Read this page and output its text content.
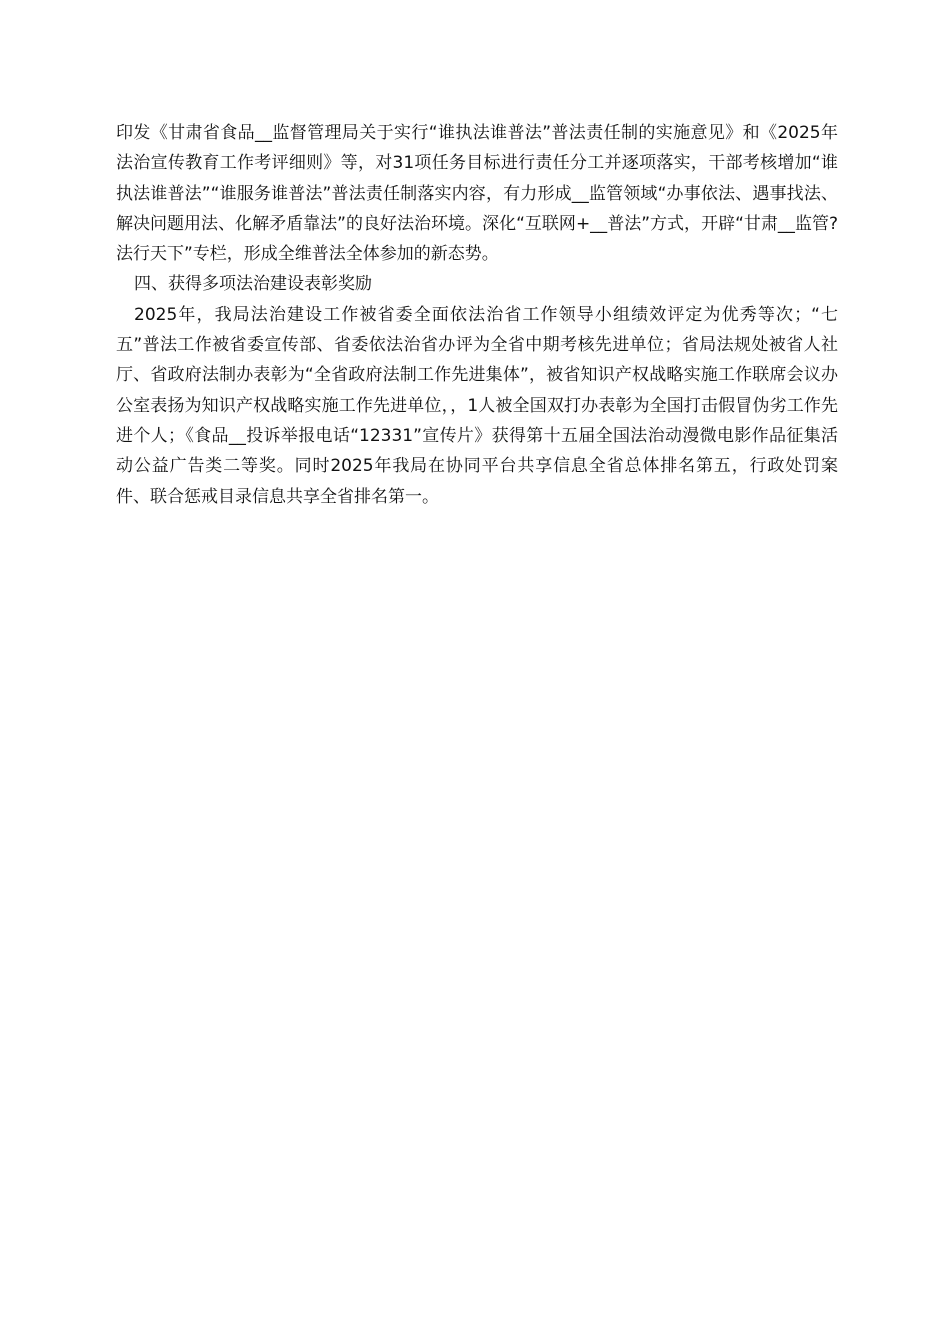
印发《甘肃省食品__监督管理局关于实行“谁执法谁普法”普法责任制的实施意见》和《2025年法治宣传教育工作考评细则》等，对31项任务目标进行责任分工并逐项落实，干部考核增加“谁执法谁普法”“谁服务谁普法”普法责任制落实内容，有力形成__监管领域“办事依法、遇事找法、解决问题用法、化解矛盾靠法”的良好法治环境。深化“互联网+__普法”方式，开辟“甘肃__监管?法行天下”专栏，形成全维普法全体参加的新态势。

四、获得多项法治建设表彰奖励

2025年，我局法治建设工作被省委全面依法治省工作领导小组绩效评定为优秀等次；“七五”普法工作被省委宣传部、省委依法治省办评为全省中期考核先进单位；省局法规处被省人社厅、省政府法制办表彰为“全省政府法制工作先进集体”，被省知识产权战略实施工作联席会议办公室表扬为知识产权战略实施工作先进单位，，1人被全国双打办表彰为全国打击假冒伪劣工作先进个人；《食品__投诉举报电话“12331”宣传片》获得第十五届全国法治动漫微电影作品征集活动公益广告类二等奖。同时2025年我局在协同平台共享信息全省总体排名第五，行政处罚案件、联合惩戒目录信息共享全省排名第一。
